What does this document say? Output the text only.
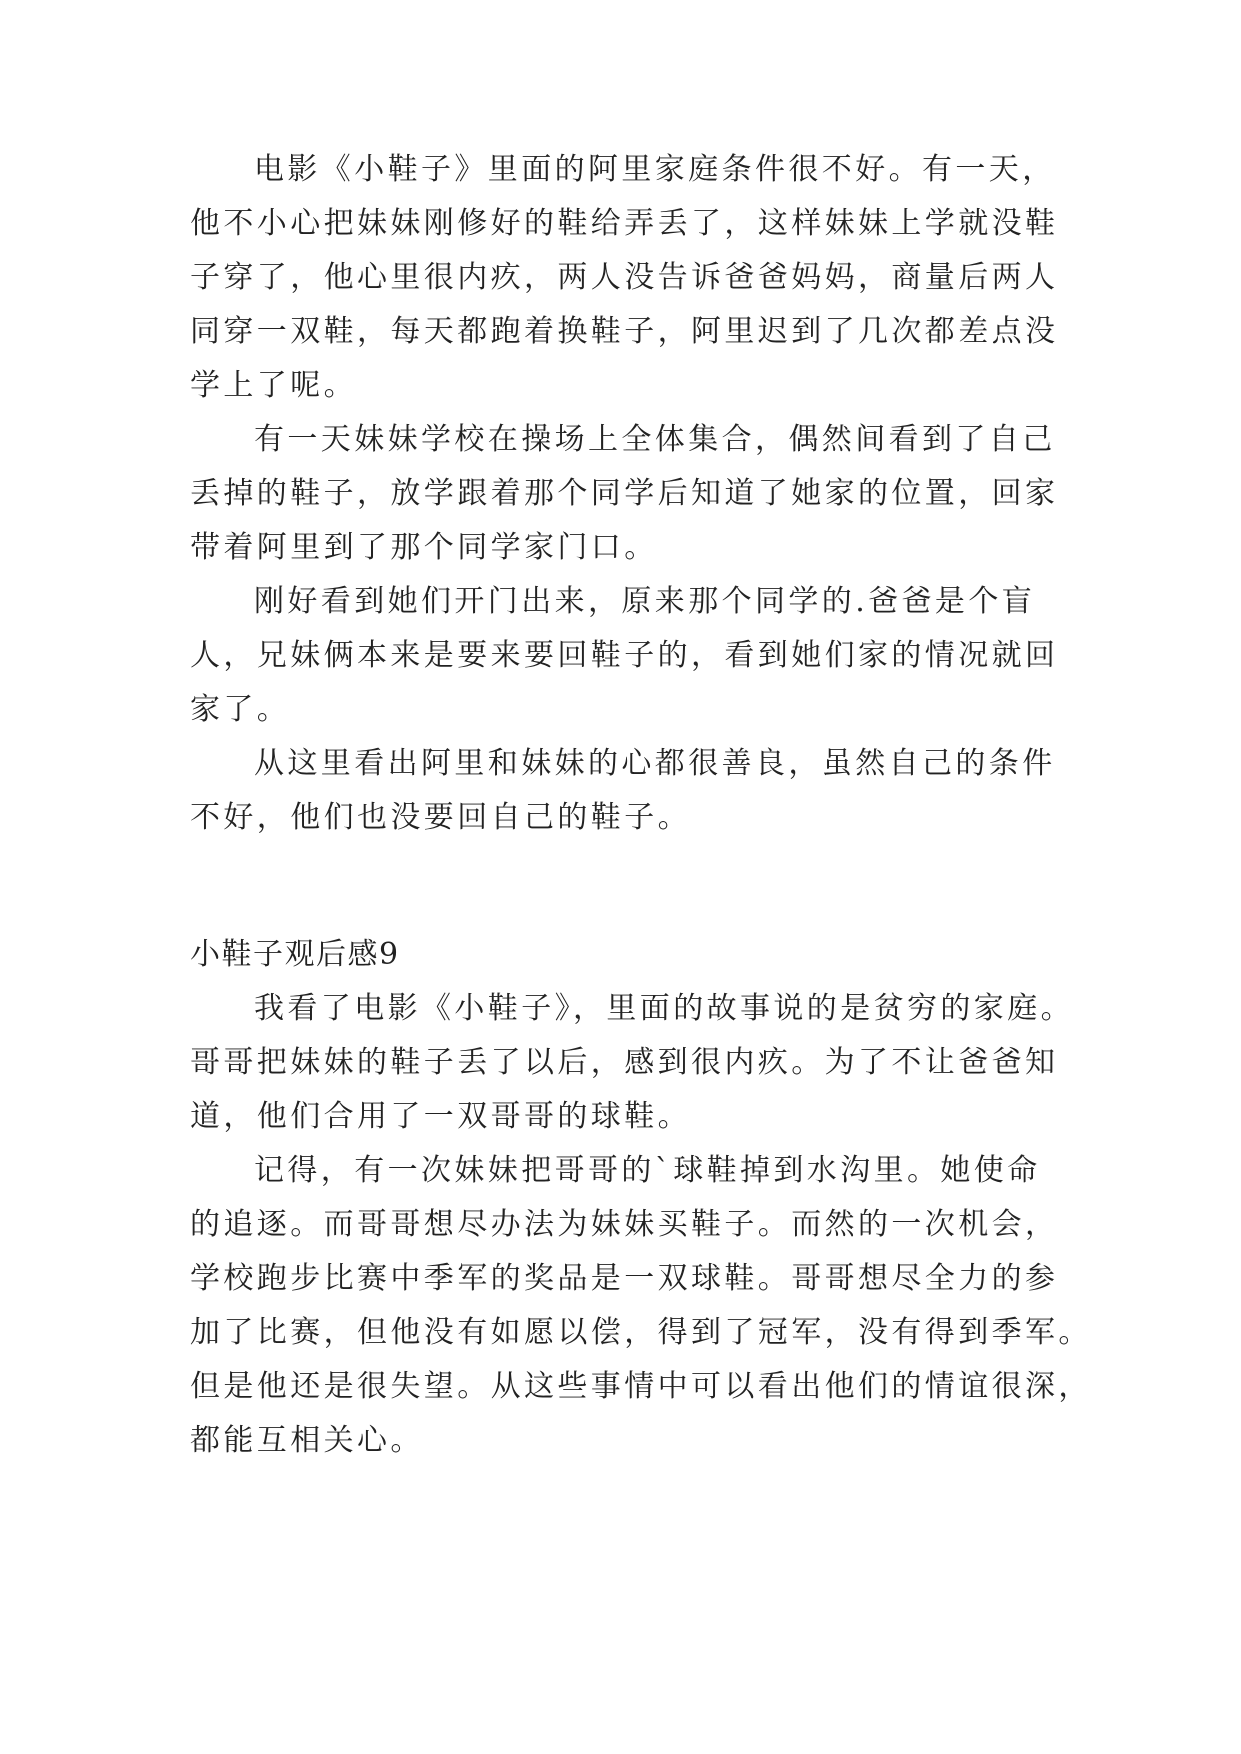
电影《小鞋子》里面的阿里家庭条件很不好。有一天，
他不小心把妹妹刚修好的鞋给弄丢了，这样妹妹上学就没鞋
子穿了，他心里很内疚，两人没告诉爸爸妈妈，商量后两人
同穿一双鞋，每天都跑着换鞋子，阿里迟到了几次都差点没
学上了呢。
有一天妹妹学校在操场上全体集合，偶然间看到了自己
丢掉的鞋子，放学跟着那个同学后知道了她家的位置，回家
带着阿里到了那个同学家门口。
刚好看到她们开门出来，原来那个同学的.爸爸是个盲
人，兄妹俩本来是要来要回鞋子的，看到她们家的情况就回
家了。
从这里看出阿里和妹妹的心都很善良，虽然自己的条件
不好，他们也没要回自己的鞋子。
小鞋子观后感9
我看了电影《小鞋子》，里面的故事说的是贫穷的家庭。
哥哥把妹妹的鞋子丢了以后，感到很内疚。为了不让爸爸知
道，他们合用了一双哥哥的球鞋。
记得，有一次妹妹把哥哥的`球鞋掉到水沟里。她使命
的追逐。而哥哥想尽办法为妹妹买鞋子。而然的一次机会，
学校跑步比赛中季军的奖品是一双球鞋。哥哥想尽全力的参
加了比赛，但他没有如愿以偿，得到了冠军，没有得到季军。
但是他还是很失望。从这些事情中可以看出他们的情谊很深，
都能互相关心。
